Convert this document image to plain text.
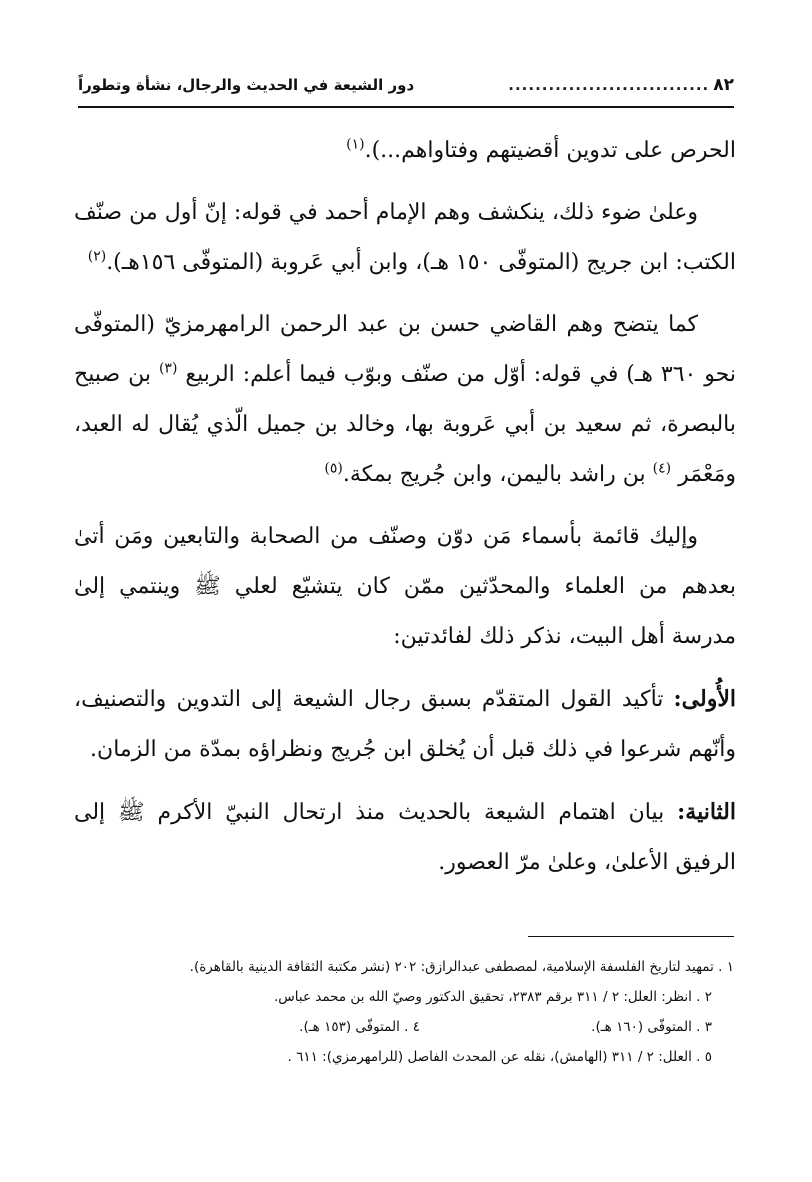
٨٢
..............................
دور الشيعة في الحديث والرجال، نشأة وتطوراً

الحرص على تدوين أقضيتهم وفتاواهم...).$^{(١)}$

وعلىٰ ضوء ذلك، ينكشف وهم الإمام أحمد في قوله: إنّ أول من صنّف الكتب: ابن جريج (المتوفّى ١٥٠ هـ)، وابن أبي عَروبة (المتوفّى ١٥٦هـ).$^{(٢)}$

كما يتضح وهم القاضي حسن بن عبد الرحمن الرامهرمزيّ (المتوفّى نحو ٣٦٠ هـ) في قوله: أوّل من صنّف وبوّب فيما أعلم: الربيع $^{(٣)}$ بن صبيح بالبصرة، ثم سعيد بن أبي عَروبة بها، وخالد بن جميل الّذي يُقال له العبد، ومَعْمَر $^{(٤)}$ بن راشد باليمن، وابن جُريج بمكة.$^{(٥)}$

وإليك قائمة بأسماء مَن دوّن وصنّف من الصحابة والتابعين ومَن أتىٰ بعدهم من العلماء والمحدّثين ممّن كان يتشيّع لعلي ﷺ وينتمي إلىٰ مدرسة أهل البيت، نذكر ذلك لفائدتين:

الأُولى: تأكيد القول المتقدّم بسبق رجال الشيعة إلى التدوين والتصنيف، وأنّهم شرعوا في ذلك قبل أن يُخلق ابن جُريج ونظراؤه بمدّة من الزمان.

الثانية: بيان اهتمام الشيعة بالحديث منذ ارتحال النبيّ الأكرم ﷺ إلى الرفيق الأعلىٰ، وعلىٰ مرّ العصور.

١ . تمهيد لتاريخ الفلسفة الإسلامية، لمصطفى عبدالرازق: ٢٠٢ (نشر مكتبة الثقافة الدينية بالقاهرة).

٢ . انظر: العلل: ٢ / ٣١١ برقم ٢٣٨٣، تحقيق الدكتور وصيّ الله بن محمد عباس.

٣ . المتوفّى (١٦٠ هـ).
٤ . المتوفّى (١٥٣ هـ).

٥ . العلل: ٢ / ٣١١ (الهامش)، نقله عن المحدث الفاصل (للرامهرمزي): ٦١١ .
